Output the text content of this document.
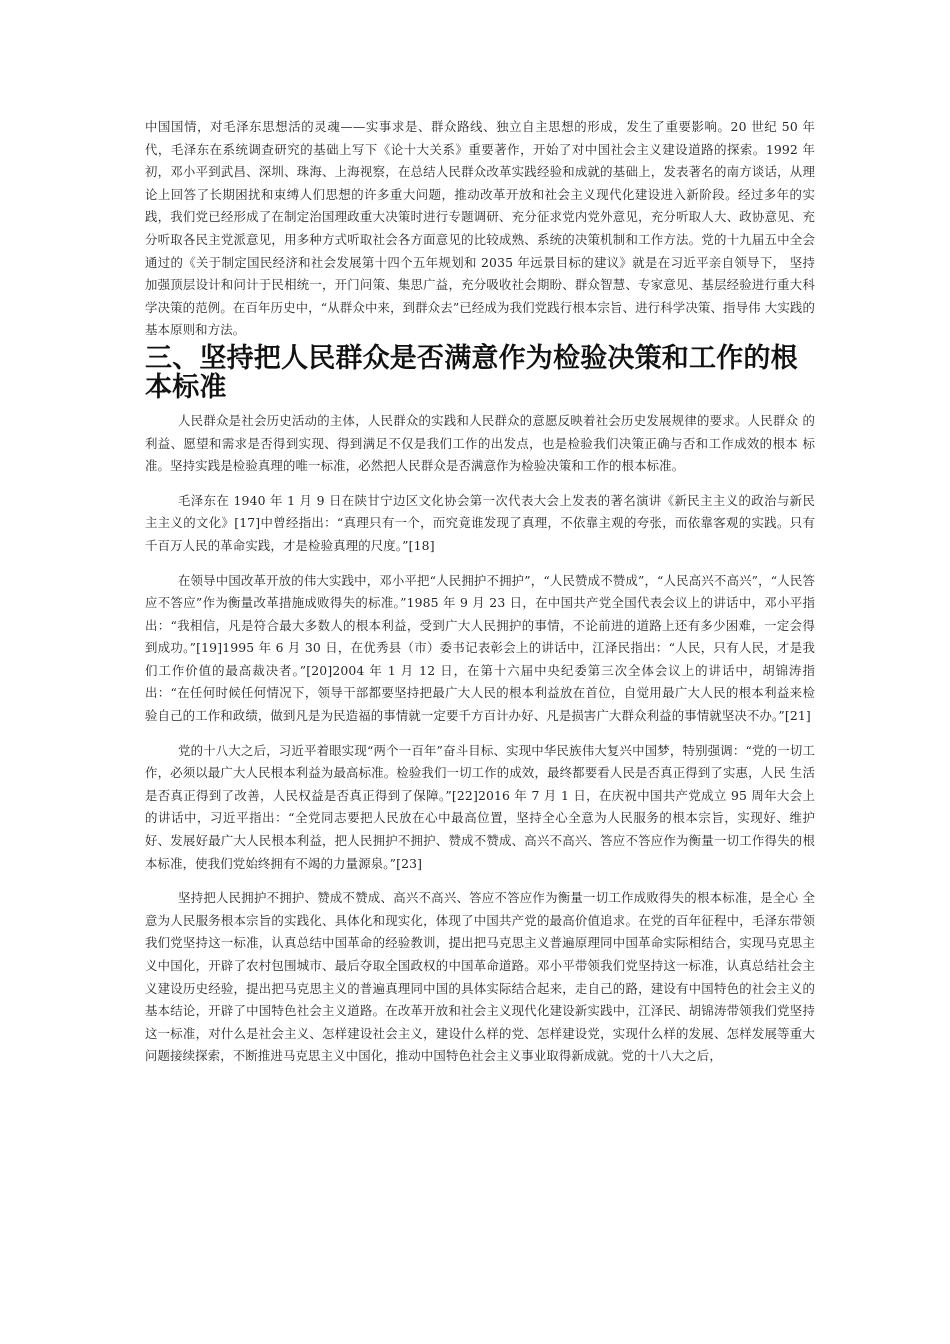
中国国情，对毛泽东思想活的灵魂——实事求是、群众路线、独立自主思想的形成，发生了重要影响。20 世纪 50 年代，毛泽东在系统调查研究的基础上写下《论十大关系》重要著作，开始了对中国社会主义建设道路的探索。1992 年初，邓小平到武昌、深圳、珠海、上海视察，在总结人民群众改革实践经验和成就的基础上，发表著名的南方谈话，从理论上回答了长期困扰和束缚人们思想的许多重大问题，推动改革开放和社会主义现代化建设进入新阶段。经过多年的实践，我们党已经形成了在制定治国理政重大决策时进行专题调研、充分征求党内党外意见，充分听取人大、政协意见、充分听取各民主党派意见，用多种方式听取社会各方面意见的比较成熟、系统的决策机制和工作方法。党的十九届五中全会通过的《关于制定国民经济和社会发展第十四个五年规划和 2035 年远景目标的建议》就是在习近平亲自领导下， 坚持加强顶层设计和问计于民相统一，开门问策、集思广益，充分吸收社会期盼、群众智慧、专家意见、基层经验进行重大科学决策的范例。在百年历史中，“从群众中来，到群众去”已经成为我们党践行根本宗旨、进行科学决策、指导伟 大实践的基本原则和方法。

三、坚持把人民群众是否满意作为检验决策和工作的根本标准

人民群众是社会历史活动的主体，人民群众的实践和人民群众的意愿反映着社会历史发展规律的要求。人民群众 的利益、愿望和需求是否得到实现、得到满足不仅是我们工作的出发点，也是检验我们决策正确与否和工作成效的根本 标准。坚持实践是检验真理的唯一标准，必然把人民群众是否满意作为检验决策和工作的根本标准。

毛泽东在 1940 年 1 月 9 日在陕甘宁边区文化协会第一次代表大会上发表的著名演讲《新民主主义的政治与新民主主义的文化》[17]中曾经指出：“真理只有一个，而究竟谁发现了真理，不依靠主观的夸张，而依靠客观的实践。只有千百万人民的革命实践，才是检验真理的尺度。”[18]

在领导中国改革开放的伟大实践中，邓小平把“人民拥护不拥护”，“人民赞成不赞成”，“人民高兴不高兴”，“人民答应不答应”作为衡量改革措施成败得失的标准。”1985 年 9 月 23 日，在中国共产党全国代表会议上的讲话中，邓小平指出：“我相信，凡是符合最大多数人的根本利益，受到广大人民拥护的事情，不论前进的道路上还有多少困难，一定会得到成功。”[19]1995 年 6 月 30 日，在优秀县（市）委书记表彰会上的讲话中，江泽民指出：“人民，只有人民，才是我们工作价值的最高裁决者。”[20]2004 年 1 月 12 日，在第十六届中央纪委第三次全体会议上的讲话中，胡锦涛指出：“在任何时候任何情况下，领导干部都要坚持把最广大人民的根本利益放在首位，自觉用最广大人民的根本利益来检验自己的工作和政绩，做到凡是为民造福的事情就一定要千方百计办好、凡是损害广大群众利益的事情就坚决不办。”[21]

党的十八大之后，习近平着眼实现“两个一百年”奋斗目标、实现中华民族伟大复兴中国梦，特别强调：“党的一切工作，必须以最广大人民根本利益为最高标准。检验我们一切工作的成效，最终都要看人民是否真正得到了实惠，人民 生活是否真正得到了改善，人民权益是否真正得到了保障。”[22]2016 年 7 月 1 日，在庆祝中国共产党成立 95 周年大会上的讲话中，习近平指出：“全党同志要把人民放在心中最高位置，坚持全心全意为人民服务的根本宗旨，实现好、维护好、发展好最广大人民根本利益，把人民拥护不拥护、赞成不赞成、高兴不高兴、答应不答应作为衡量一切工作得失的根本标准，使我们党始终拥有不竭的力量源泉。”[23]

坚持把人民拥护不拥护、赞成不赞成、高兴不高兴、答应不答应作为衡量一切工作成败得失的根本标准，是全心 全意为人民服务根本宗旨的实践化、具体化和现实化，体现了中国共产党的最高价值追求。在党的百年征程中，毛泽东带领我们党坚持这一标准，认真总结中国革命的经验教训，提出把马克思主义普遍原理同中国革命实际相结合，实现马克思主义中国化，开辟了农村包围城市、最后夺取全国政权的中国革命道路。邓小平带领我们党坚持这一标准，认真总结社会主义建设历史经验，提出把马克思主义的普遍真理同中国的具体实际结合起来，走自己的路，建设有中国特色的社会主义的基本结论，开辟了中国特色社会主义道路。在改革开放和社会主义现代化建设新实践中，江泽民、胡锦涛带领我们党坚持这一标准，对什么是社会主义、怎样建设社会主义，建设什么样的党、怎样建设党，实现什么样的发展、怎样发展等重大问题接续探索，不断推进马克思主义中国化，推动中国特色社会主义事业取得新成就。党的十八大之后，
